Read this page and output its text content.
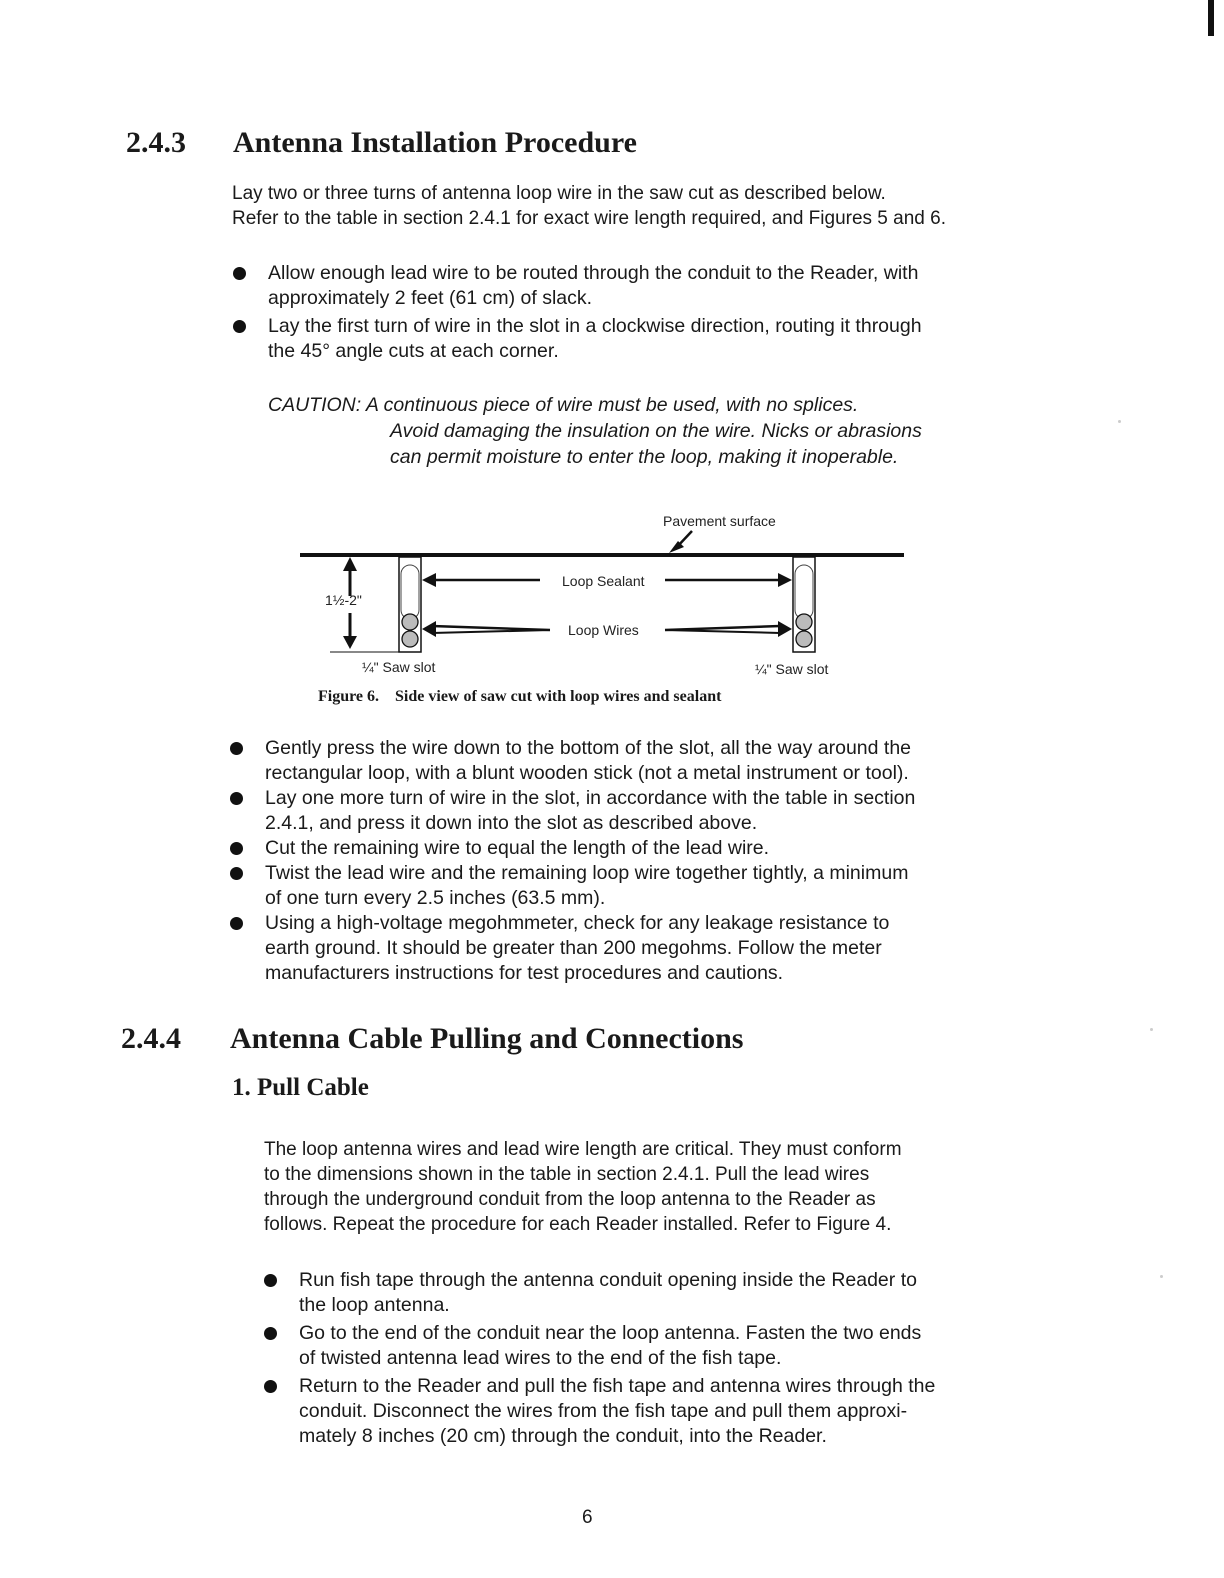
2.4.3 Antenna Installation Procedure
Lay two or three turns of antenna loop wire in the saw cut as described below.
Refer to the table in section 2.4.1 for exact wire length required, and Figures 5 and 6.
Allow enough lead wire to be routed through the conduit to the Reader, with
approximately 2 feet (61 cm) of slack.
Lay the first turn of wire in the slot in a clockwise direction, routing it through
the 45° angle cuts at each corner.
CAUTION: A continuous piece of wire must be used, with no splices.
Avoid damaging the insulation on the wire. Nicks or abrasions
can permit moisture to enter the loop, making it inoperable.
Pavement surface
Loop Sealant
Loop Wires
1½-2"
¼" Saw slot	¼" Saw slot
Figure 6. Side view of saw cut with loop wires and sealant
Gently press the wire down to the bottom of the slot, all the way around the
rectangular loop, with a blunt wooden stick (not a metal instrument or tool).
Lay one more turn of wire in the slot, in accordance with the table in section
2.4.1, and press it down into the slot as described above.
Cut the remaining wire to equal the length of the lead wire.
Twist the lead wire and the remaining loop wire together tightly, a minimum
of one turn every 2.5 inches (63.5 mm).
Using a high-voltage megohmmeter, check for any leakage resistance to
earth ground. It should be greater than 200 megohms. Follow the meter
manufacturers instructions for test procedures and cautions.
2.4.4 Antenna Cable Pulling and Connections
1. Pull Cable
The loop antenna wires and lead wire length are critical. They must conform
to the dimensions shown in the table in section 2.4.1. Pull the lead wires
through the underground conduit from the loop antenna to the Reader as
follows. Repeat the procedure for each Reader installed. Refer to Figure 4.
Run fish tape through the antenna conduit opening inside the Reader to
the loop antenna.
Go to the end of the conduit near the loop antenna. Fasten the two ends
of twisted antenna lead wires to the end of the fish tape.
Return to the Reader and pull the fish tape and antenna wires through the
conduit. Disconnect the wires from the fish tape and pull them approxi-
mately 8 inches (20 cm) through the conduit, into the Reader.
6
